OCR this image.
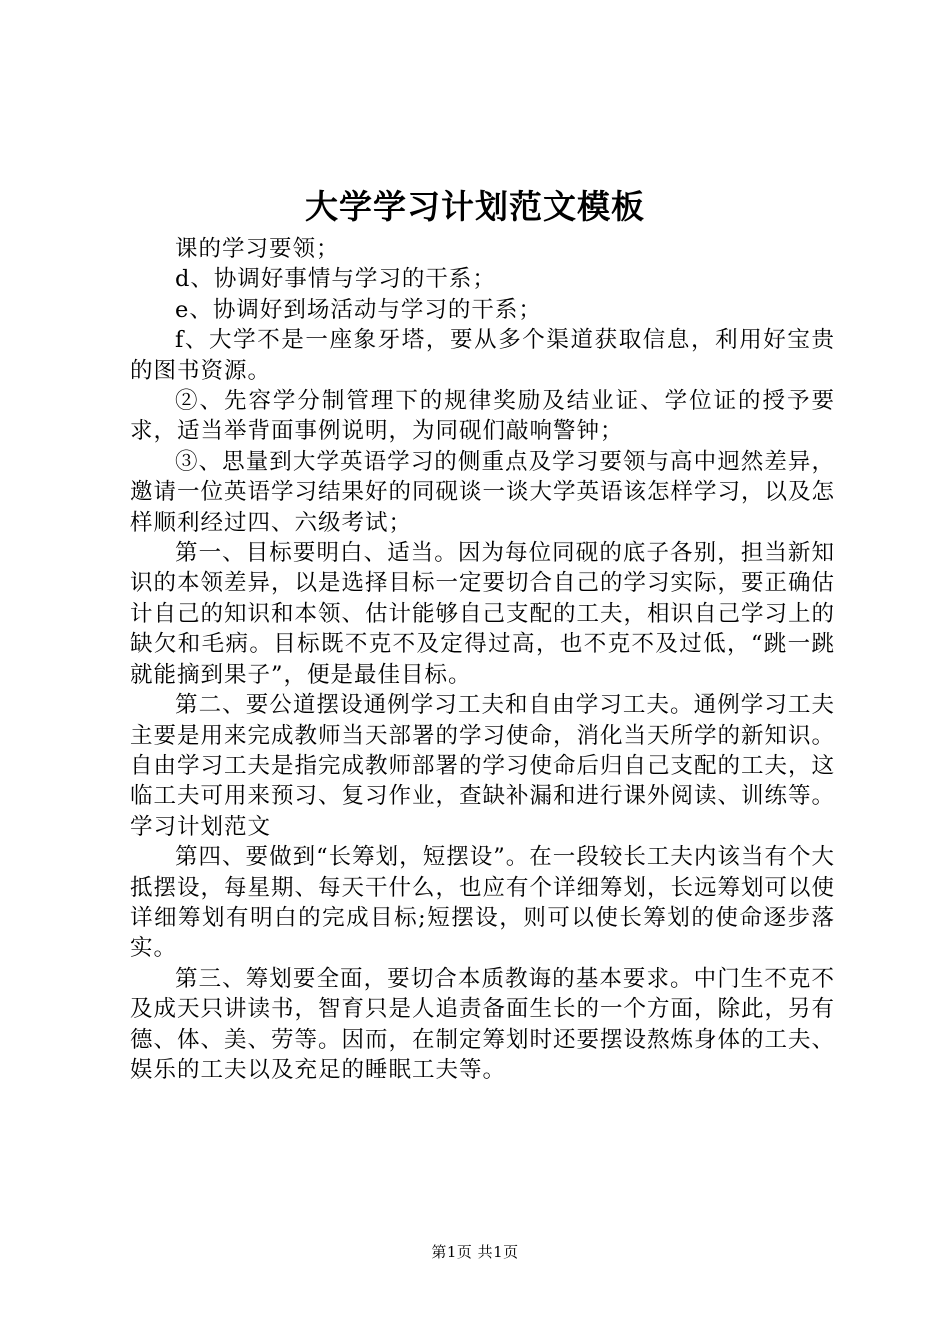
大学学习计划范文模板

课的学习要领；

d、协调好事情与学习的干系；

e、协调好到场活动与学习的干系；

f、大学不是一座象牙塔，要从多个渠道获取信息，利用好宝贵的图书资源。

②、先容学分制管理下的规律奖励及结业证、学位证的授予要求，适当举背面事例说明，为同砚们敲响警钟；

③、思量到大学英语学习的侧重点及学习要领与高中迥然差异，邀请一位英语学习结果好的同砚谈一谈大学英语该怎样学习，以及怎样顺利经过四、六级考试；

第一、目标要明白、适当。因为每位同砚的底子各别，担当新知识的本领差异，以是选择目标一定要切合自己的学习实际，要正确估计自己的知识和本领、估计能够自己支配的工夫，相识自己学习上的缺欠和毛病。目标既不克不及定得过高，也不克不及过低，“跳一跳就能摘到果子”，便是最佳目标。

第二、要公道摆设通例学习工夫和自由学习工夫。通例学习工夫主要是用来完成教师当天部署的学习使命，消化当天所学的新知识。自由学习工夫是指完成教师部署的学习使命后归自己支配的工夫，这临工夫可用来预习、复习作业，查缺补漏和进行课外阅读、训练等。学习计划范文

第四、要做到“长筹划，短摆设”。在一段较长工夫内该当有个大抵摆设，每星期、每天干什么，也应有个详细筹划，长远筹划可以使详细筹划有明白的完成目标;短摆设，则可以使长筹划的使命逐步落实。

第三、筹划要全面，要切合本质教诲的基本要求。中门生不克不及成天只讲读书，智育只是人追责备面生长的一个方面，除此，另有德、体、美、劳等。因而，在制定筹划时还要摆设熬炼身体的工夫、娱乐的工夫以及充足的睡眠工夫等。

第1页 共1页
